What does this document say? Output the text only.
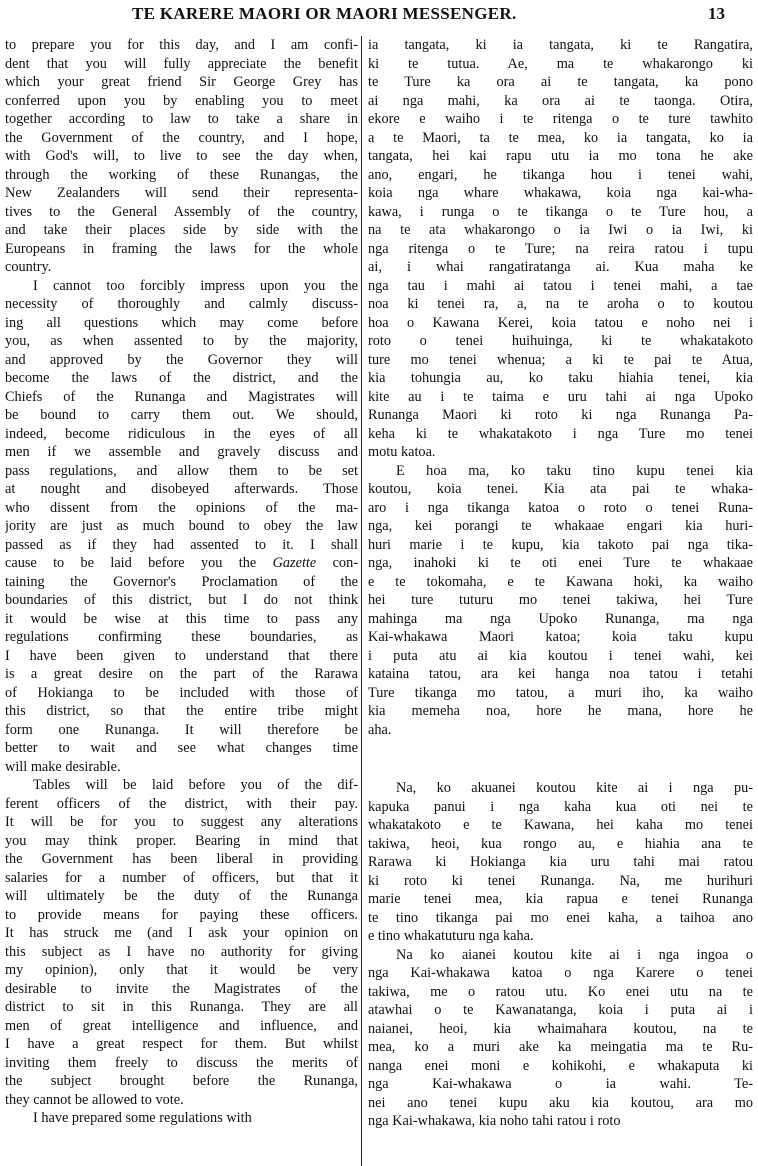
TE KARERE MAORI OR MAORI MESSENGER.	13

to prepare you for this day, and I am confi-
dent that you will fully appreciate the benefit
which your great friend Sir George Grey has
conferred upon you by enabling you to meet
together according to law to take a share in
the Government of the country, and I hope,
with God's will, to live to see the day when,
through the working of these Runangas, the
New Zealanders will send their representa-
tives to the General Assembly of the country,
and take their places side by side with the
Europeans in framing the laws for the whole
country.

I cannot too forcibly impress upon you the
necessity of thoroughly and calmly discuss-
ing all questions which may come before
you, as when assented to by the majority,
and approved by the Governor they will
become the laws of the district, and the
Chiefs of the Runanga and Magistrates will
be bound to carry them out. We should,
indeed, become ridiculous in the eyes of all
men if we assemble and gravely discuss and
pass regulations, and allow them to be set
at nought and disobeyed afterwards. Those
who dissent from the opinions of the ma-
jority are just as much bound to obey the law
passed as if they had assented to it. I shall
cause to be laid before you the Gazette con-
taining the Governor's Proclamation of the
boundaries of this district, but I do not think
it would be wise at this time to pass any
regulations confirming these boundaries, as
I have been given to understand that there
is a great desire on the part of the Rarawa
of Hokianga to be included with those of
this district, so that the entire tribe might
form one Runanga. It will therefore be
better to wait and see what changes time
will make desirable.

Tables will be laid before you of the dif-
ferent officers of the district, with their pay.
It will be for you to suggest any alterations
you may think proper. Bearing in mind that
the Government has been liberal in providing
salaries for a number of officers, but that it
will ultimately be the duty of the Runanga
to provide means for paying these officers.
It has struck me (and I ask your opinion on
this subject as I have no authority for giving
my opinion), only that it would be very
desirable to invite the Magistrates of the
district to sit in this Runanga. They are all
men of great intelligence and influence, and
I have a great respect for them. But whilst
inviting them freely to discuss the merits of
the subject brought before the Runanga,
they cannot be allowed to vote.

I have prepared some regulations with

ia tangata, ki ia tangata, ki te Rangatira,
ki te tutua. Ae, ma te whakarongo ki
te Ture ka ora ai te tangata, ka pono
ai nga mahi, ka ora ai te taonga. Otira,
ekore e waiho i te ritenga o te ture tawhito
a te Maori, ta te mea, ko ia tangata, ko ia
tangata, hei kai rapu utu ia mo tona he ake
ano, engari, he tikanga hou i tenei wahi,
koia nga whare whakawa, koia nga kai-wha-
kawa, i runga o te tikanga o te Ture hou, a
na te ata whakarongo o ia Iwi o ia Iwi, ki
nga ritenga o te Ture; na reira ratou i tupu
ai, i whai rangatiratanga ai. Kua maha ke
nga tau i mahi ai tatou i tenei mahi, a tae
noa ki tenei ra, a, na te aroha o to koutou
hoa o Kawana Kerei, koia tatou e noho nei i
roto o tenei huihuinga, ki te whakatakoto
ture mo tenei whenua; a ki te pai te Atua,
kia tohungia au, ko taku hiahia tenei, kia
kite au i te taima e uru tahi ai nga Upoko
Runanga Maori ki roto ki nga Runanga Pa-
keha ki te whakatakoto i nga Ture mo tenei
motu katoa.

E hoa ma, ko taku tino kupu tenei kia
koutou, koia tenei. Kia ata pai te whaka-
aro i nga tikanga katoa o roto o tenei Runa-
nga, kei porangi te whakaae engari kia huri-
huri marie i te kupu, kia takoto pai nga tika-
nga, inahoki ki te oti enei Ture te whakaae
e te tokomaha, e te Kawana hoki, ka waiho
hei ture tuturu mo tenei takiwa, hei Ture
mahinga ma nga Upoko Runanga, ma nga
Kai-whakawa Maori katoa; koia taku kupu
i puta atu ai kia koutou i tenei wahi, kei
kataina tatou, ara kei hanga noa tatou i tetahi
Ture tikanga mo tatou, a muri iho, ka waiho
kia memeha noa, hore he mana, hore he
aha.

Na, ko akuanei koutou kite ai i nga pu-
kapuka panui i nga kaha kua oti nei te
whakatakoto e te Kawana, hei kaha mo tenei
takiwa, heoi, kua rongo au, e hiahia ana te
Rarawa ki Hokianga kia uru tahi mai ratou
ki roto ki tenei Runanga. Na, me hurihuri
marie tenei mea, kia rapua e tenei Runanga
te tino tikanga pai mo enei kaha, a taihoa ano
e tino whakatuturu nga kaha.

Na ko aianei koutou kite ai i nga ingoa o
nga Kai-whakawa katoa o nga Karere o tenei
takiwa, me o ratou utu. Ko enei utu na te
atawhai o te Kawanatanga, koia i puta ai i
naianei, heoi, kia whaimahara koutou, na te
mea, ko a muri ake ka meingatia ma te Ru-
nanga enei moni e kohikohi, e whakaputa ki
nga Kai-whakawa o ia wahi. Te-
nei ano tenei kupu aku kia koutou, ara mo
nga Kai-whakawa, kia noho tahi ratou i roto
